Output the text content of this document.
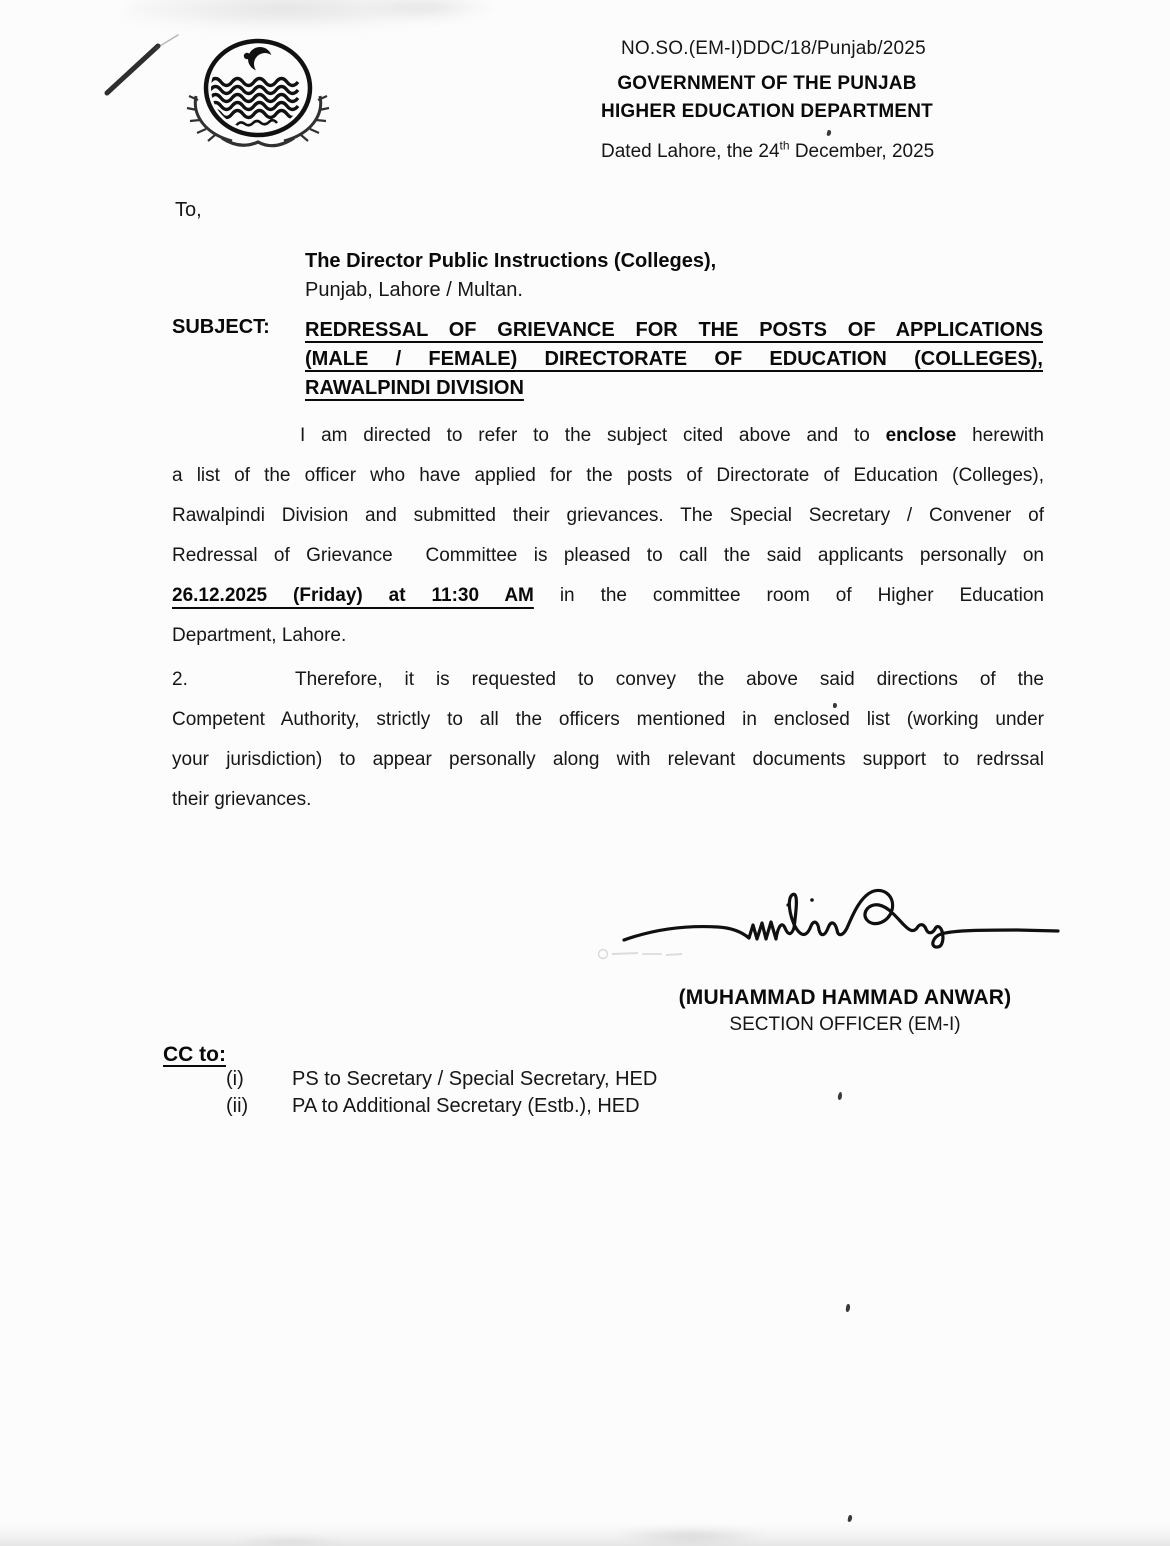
NO.SO.(EM-I)DDC/18/Punjab/2025
GOVERNMENT OF THE PUNJAB
HIGHER EDUCATION DEPARTMENT
Dated Lahore, the 24th December, 2025
To,
The Director Public Instructions (Colleges),
Punjab, Lahore / Multan.
SUBJECT: REDRESSAL OF GRIEVANCE FOR THE POSTS OF APPLICATIONS
(MALE / FEMALE) DIRECTORATE OF EDUCATION (COLLEGES),
RAWALPINDI DIVISION
I am directed to refer to the subject cited above and to enclose herewith
a list of the officer who have applied for the posts of Directorate of Education (Colleges),
Rawalpindi Division and submitted their grievances. The Special Secretary / Convener of
Redressal of Grievance  Committee is pleased to call the said applicants personally on
26.12.2025 (Friday) at 11:30 AM in the committee room of Higher Education
Department, Lahore.
2.	Therefore, it is requested to convey the above said directions of the
Competent Authority, strictly to all the officers mentioned in enclosed list (working under
your jurisdiction) to appear personally along with relevant documents support to redrssal
their grievances.
(MUHAMMAD HAMMAD ANWAR)
SECTION OFFICER (EM-I)
CC to:
(i) PS to Secretary / Special Secretary, HED
(ii) PA to Additional Secretary (Estb.), HED
